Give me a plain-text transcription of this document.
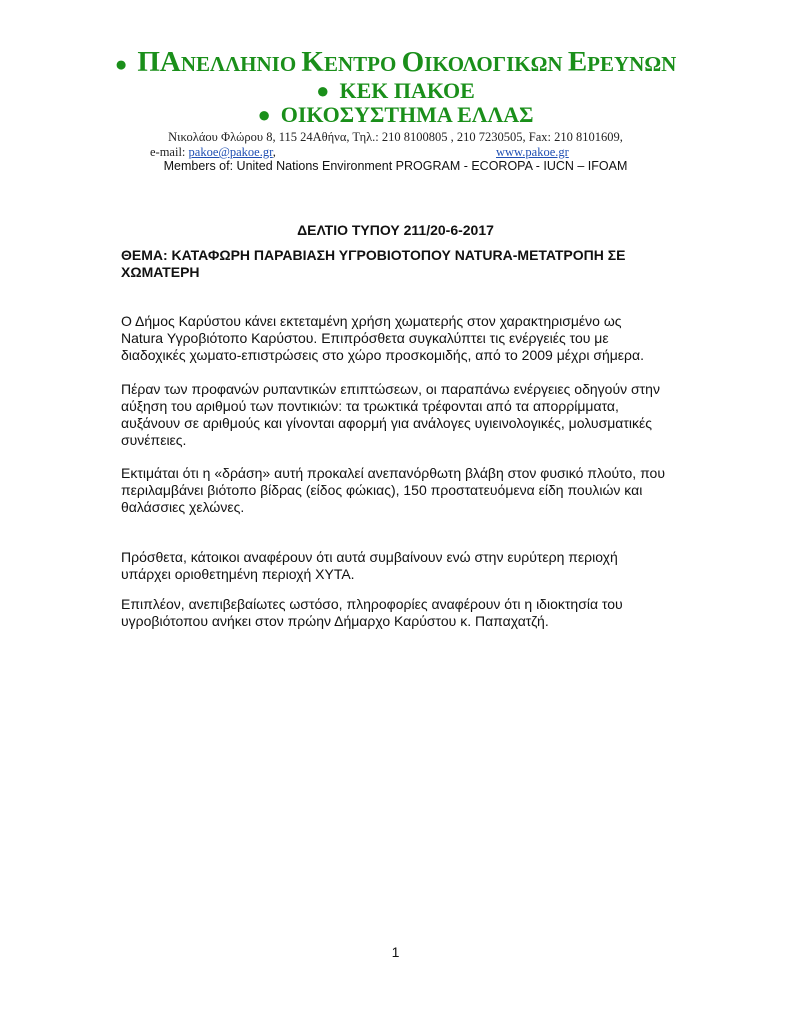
● ΠΑΝΕΛΛΗΝΙΟ ΚΕΝΤΡΟ ΟΙΚΟΛΟΓΙΚΩΝ ΕΡΕΥΝΩΝ
● ΚΕΚ ΠΑΚΟΕ
● ΟΙΚΟΣΥΣΤΗΜΑ ΕΛΛΑΣ
Νικολάου Φλώρου 8, 115 24Αθήνα, Τηλ.: 210 8100805 , 210 7230505, Fax: 210 8101609,
e-mail: pakoe@pakoe.gr,	www.pakoe.gr
Members of: United Nations Environment PROGRAM - ECOROPA - IUCN – IFOAM
ΔΕΛΤΙΟ ΤΥΠΟΥ 211/20-6-2017
ΘΕΜΑ: ΚΑΤΑΦΩΡΗ ΠΑΡΑΒΙΑΣΗ ΥΓΡΟΒΙΟΤΟΠΟΥ NATURA-ΜΕΤΑΤΡΟΠΗ ΣΕ
ΧΩΜΑΤΕΡΗ
Ο Δήμος Καρύστου κάνει εκτεταμένη χρήση χωματερής στον χαρακτηρισμένο ως
Natura Υγροβιότοπο Καρύστου. Επιπρόσθετα συγκαλύπτει τις ενέργειές του με
διαδοχικές χωματο-επιστρώσεις στο χώρο προσκομιδής, από το 2009 μέχρι σήμερα.
Πέραν των προφανών ρυπαντικών επιπτώσεων, οι παραπάνω ενέργειες οδηγούν στην
αύξηση του αριθμού των ποντικιών: τα τρωκτικά τρέφονται από τα απορρίμματα,
αυξάνουν σε αριθμούς και γίνονται αφορμή για ανάλογες υγιεινολογικές, μολυσματικές
συνέπειες.
Εκτιμάται ότι η «δράση» αυτή προκαλεί ανεπανόρθωτη βλάβη στον φυσικό πλούτο, που
περιλαμβάνει βιότοπο βίδρας (είδος φώκιας), 150 προστατευόμενα είδη πουλιών και
θαλάσσιες χελώνες.
Πρόσθετα, κάτοικοι αναφέρουν ότι αυτά συμβαίνουν ενώ στην ευρύτερη περιοχή
υπάρχει οριοθετημένη περιοχή ΧΥΤΑ.
Επιπλέον, ανεπιβεβαίωτες ωστόσο, πληροφορίες αναφέρουν ότι η ιδιοκτησία του
υγροβιότοπου ανήκει στον πρώην Δήμαρχο Καρύστου κ. Παπαχατζή.
1
